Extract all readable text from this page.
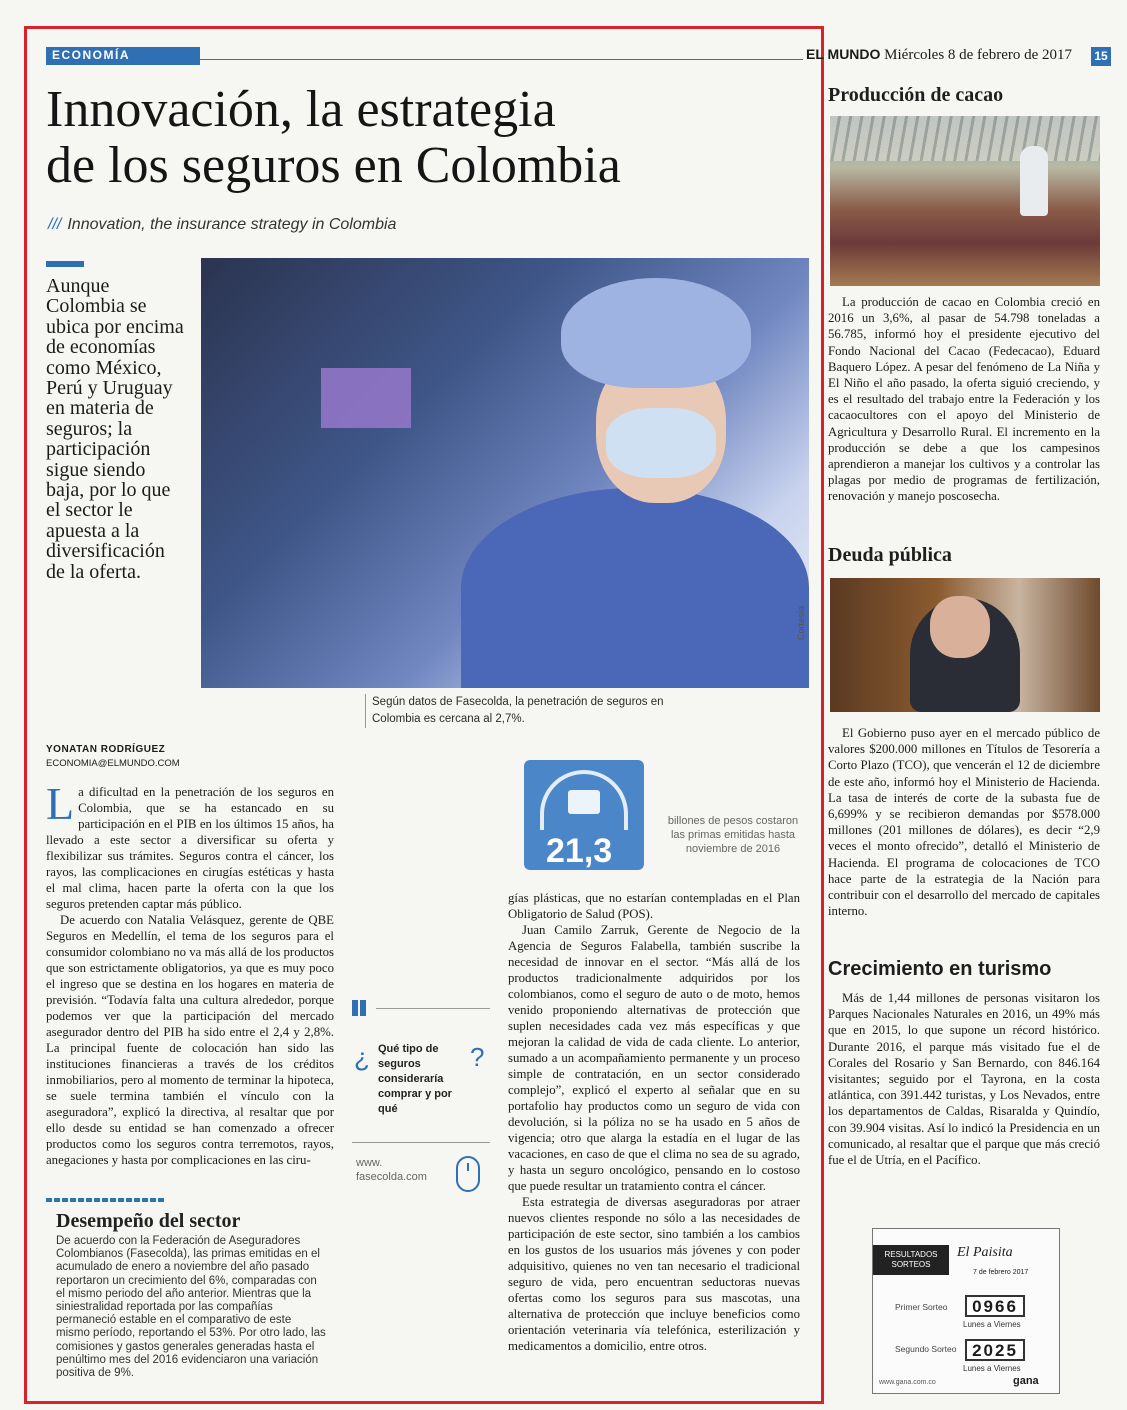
ECONOMÍA	EL MUNDO Miércoles 8 de febrero de 2017 15
Innovación, la estrategia
de los seguros en Colombia
/// Innovation, the insurance strategy in Colombia
Aunque Colombia se ubica por encima de economías como México, Perú y Uruguay en materia de seguros; la participación sigue siendo baja, por lo que el sector le apuesta a la diversificación de la oferta.
Cortesía
Según datos de Fasecolda, la penetración de seguros en Colombia es cercana al 2,7%.
YONATAN RODRÍGUEZ
ECONOMIA@ELMUNDO.COM

La dificultad en la penetración de los seguros en Colombia, que se ha estancado en su participación en el PIB en los últimos 15 años, ha llevado a este sector a diversificar su oferta y flexibilizar sus trámites. Seguros contra el cáncer, los rayos, las complicaciones en cirugías estéticas y hasta el mal clima, hacen parte la oferta con la que los seguros pretenden captar más público.

De acuerdo con Natalia Velásquez, gerente de QBE Seguros en Medellín, el tema de los seguros para el consumidor colombiano no va más allá de los productos que son estrictamente obligatorios, ya que es muy poco el ingreso que se destina en los hogares en materia de previsión. “Todavía falta una cultura alrededor, porque podemos ver que la participación del mercado asegurador dentro del PIB ha sido entre el 2,4 y 2,8%. La principal fuente de colocación han sido las instituciones financieras a través de los créditos inmobiliarios, pero al momento de terminar la hipoteca, se suele termina también el vínculo con la aseguradora”, explicó la directiva, al resaltar que por ello desde su entidad se han comenzado a ofrecer productos como los seguros contra terremotos, rayos, anegaciones y hasta por complicaciones en las ciru-

21,3
billones de pesos costaron las primas emitidas hasta noviembre de 2016
¿ Qué tipo de seguros consideraría comprar y por qué
?
www.
fasecolda.com
Desempeño del sector
De acuerdo con la Federación de Aseguradores Colombianos (Fasecolda), las primas emitidas en el acumulado de enero a noviembre del año pasado reportaron un crecimiento del 6%, comparadas con el mismo periodo del año anterior. Mientras que la siniestralidad reportada por las compañías permaneció estable en el comparativo de este mismo período, reportando el 53%. Por otro lado, las comisiones y gastos generales generadas hasta el penúltimo mes del 2016 evidenciaron una variación positiva de 9%.

gías plásticas, que no estarían contempladas en el Plan Obligatorio de Salud (POS).

Juan Camilo Zarruk, Gerente de Negocio de la Agencia de Seguros Falabella, también suscribe la necesidad de innovar en el sector. “Más allá de los productos tradicionalmente adquiridos por los colombianos, como el seguro de auto o de moto, hemos venido proponiendo alternativas de protección que suplen necesidades cada vez más específicas y que mejoran la calidad de vida de cada cliente. Lo anterior, sumado a un acompañamiento permanente y un proceso simple de contratación, en un sector considerado complejo”, explicó el experto al señalar que en su portafolio hay productos como un seguro de vida con devolución, si la póliza no se ha usado en 5 años de vigencia; otro que alarga la estadía en el lugar de las vacaciones, en caso de que el clima no sea de su agrado, y hasta un seguro oncológico, pensando en lo costoso que puede resultar un tratamiento contra el cáncer.

Esta estrategia de diversas aseguradoras por atraer nuevos clientes responde no sólo a las necesidades de participación de este sector, sino también a los cambios en los gustos de los usuarios más jóvenes y con poder adquisitivo, quienes no ven tan necesario el tradicional seguro de vida, pero encuentran seductoras nuevas ofertas como los seguros para sus mascotas, una alternativa de protección que incluye beneficios como orientación veterinaria vía telefónica, esterilización y medicamentos a domicilio, entre otros.

Producción de cacao
La producción de cacao en Colombia creció en 2016 un 3,6%, al pasar de 54.798 toneladas a 56.785, informó hoy el presidente ejecutivo del Fondo Nacional del Cacao (Fedecacao), Eduard Baquero López. A pesar del fenómeno de La Niña y El Niño el año pasado, la oferta siguió creciendo, y es el resultado del trabajo entre la Federación y los cacaocultores con el apoyo del Ministerio de Agricultura y Desarrollo Rural. El incremento en la producción se debe a que los campesinos aprendieron a manejar los cultivos y a controlar las plagas por medio de programas de fertilización, renovación y manejo poscosecha.
Deuda pública
El Gobierno puso ayer en el mercado público de valores $200.000 millones en Títulos de Tesorería a Corto Plazo (TCO), que vencerán el 12 de diciembre de este año, informó hoy el Ministerio de Hacienda. La tasa de interés de corte de la subasta fue de 6,699% y se recibieron demandas por $578.000 millones (201 millones de dólares), es decir “2,9 veces el monto ofrecido”, detalló el Ministerio de Hacienda. El programa de colocaciones de TCO hace parte de la estrategia de la Nación para contribuir con el desarrollo del mercado de capitales interno.
Crecimiento en turismo
Más de 1,44 millones de personas visitaron los Parques Nacionales Naturales en 2016, un 49% más que en 2015, lo que supone un récord histórico. Durante 2016, el parque más visitado fue el de Corales del Rosario y San Bernardo, con 846.164 visitantes; seguido por el Tayrona, en la costa atlántica, con 391.442 turistas, y Los Nevados, entre los departamentos de Caldas, Risaralda y Quindío, con 39.904 visitas. Así lo indicó la Presidencia en un comunicado, al resaltar que el parque que más creció fue el de Utría, en el Pacífico.
RESULTADOS SORTEOS
El Paisita
7 de febrero 2017
Primer Sorteo	0966
Lunes a Viernes
Segundo Sorteo 2025
Lunes a Viernes
www.gana.com.co	gana
